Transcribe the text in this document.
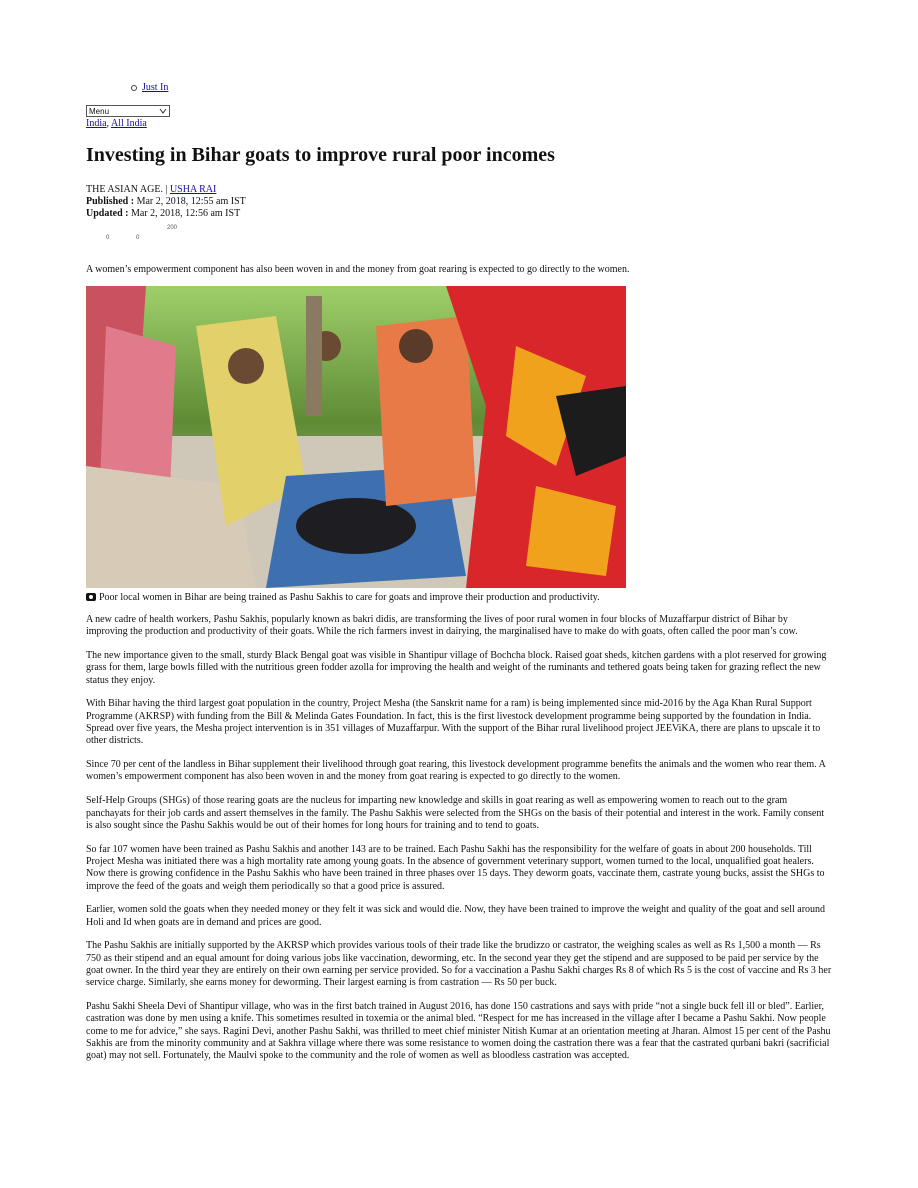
Just In
Menu
India, All India
Investing in Bihar goats to improve rural poor incomes
THE ASIAN AGE. | USHA RAI
Published : Mar 2, 2018, 12:55 am IST
Updated : Mar 2, 2018, 12:56 am IST
200
0	0
A women’s empowerment component has also been woven in and the money from goat rearing is expected to go directly to the women.
Poor local women in Bihar are being trained as Pashu Sakhis to care for goats and improve their production and productivity.

A new cadre of health workers, Pashu Sakhis, popularly known as bakri didis, are transforming the lives of poor rural women in four blocks of Muzaffarpur district of Bihar by improving the production and productivity of their goats. While the rich farmers invest in dairying, the marginalised have to make do with goats, often called the poor man’s cow.

The new importance given to the small, sturdy Black Bengal goat was visible in Shantipur village of Bochcha block. Raised goat sheds, kitchen gardens with a plot reserved for growing grass for them, large bowls filled with the nutritious green fodder azolla for improving the health and weight of the ruminants and tethered goats being taken for grazing reflect the new status they enjoy.

With Bihar having the third largest goat population in the country, Project Mesha (the Sanskrit name for a ram) is being implemented since mid-2016 by the Aga Khan Rural Support Programme (AKRSP) with funding from the Bill & Melinda Gates Foundation. In fact, this is the first livestock development programme being supported by the foundation in India. Spread over five years, the Mesha project intervention is in 351 villages of Muzaffarpur. With the support of the Bihar rural livelihood project JEEViKA, there are plans to upscale it to other districts.

Since 70 per cent of the landless in Bihar supplement their livelihood through goat rearing, this livestock development programme benefits the animals and the women who rear them. A women’s empowerment component has also been woven in and the money from goat rearing is expected to go directly to the women.

Self-Help Groups (SHGs) of those rearing goats are the nucleus for imparting new knowledge and skills in goat rearing as well as empowering women to reach out to the gram panchayats for their job cards and assert themselves in the family. The Pashu Sakhis were selected from the SHGs on the basis of their potential and interest in the work. Family consent is also sought since the Pashu Sakhis would be out of their homes for long hours for training and to tend to goats.

So far 107 women have been trained as Pashu Sakhis and another 143 are to be trained. Each Pashu Sakhi has the responsibility for the welfare of goats in about 200 households. Till Project Mesha was initiated there was a high mortality rate among young goats. In the absence of government veterinary support, women turned to the local, unqualified goat healers. Now there is growing confidence in the Pashu Sakhis who have been trained in three phases over 15 days. They deworm goats, vaccinate them, castrate young bucks, assist the SHGs to improve the feed of the goats and weigh them periodically so that a good price is assured.

Earlier, women sold the goats when they needed money or they felt it was sick and would die. Now, they have been trained to improve the weight and quality of the goat and sell around Holi and Id when goats are in demand and prices are good.

The Pashu Sakhis are initially supported by the AKRSP which provides various tools of their trade like the brudizzo or castrator, the weighing scales as well as Rs 1,500 a month — Rs 750 as their stipend and an equal amount for doing various jobs like vaccination, deworming, etc. In the second year they get the stipend and are supposed to be paid per service by the goat owner. In the third year they are entirely on their own earning per service provided. So for a vaccination a Pashu Sakhi charges Rs 8 of which Rs 5 is the cost of vaccine and Rs 3 her service charge. Similarly, she earns money for deworming. Their largest earning is from castration — Rs 50 per buck.

Pashu Sakhi Sheela Devi of Shantipur village, who was in the first batch trained in August 2016, has done 150 castrations and says with pride “not a single buck fell ill or bled”. Earlier, castration was done by men using a knife. This sometimes resulted in toxemia or the animal bled. “Respect for me has increased in the village after I became a Pashu Sakhi. Now people come to me for advice,” she says. Ragini Devi, another Pashu Sakhi, was thrilled to meet chief minister Nitish Kumar at an orientation meeting at Jharan. Almost 15 per cent of the Pashu Sakhis are from the minority community and at Sakhra village where there was some resistance to women doing the castration there was a fear that the castrated qurbani bakri (sacrificial goat) may not sell. Fortunately, the Maulvi spoke to the community and the role of women as well as bloodless castration was accepted.
